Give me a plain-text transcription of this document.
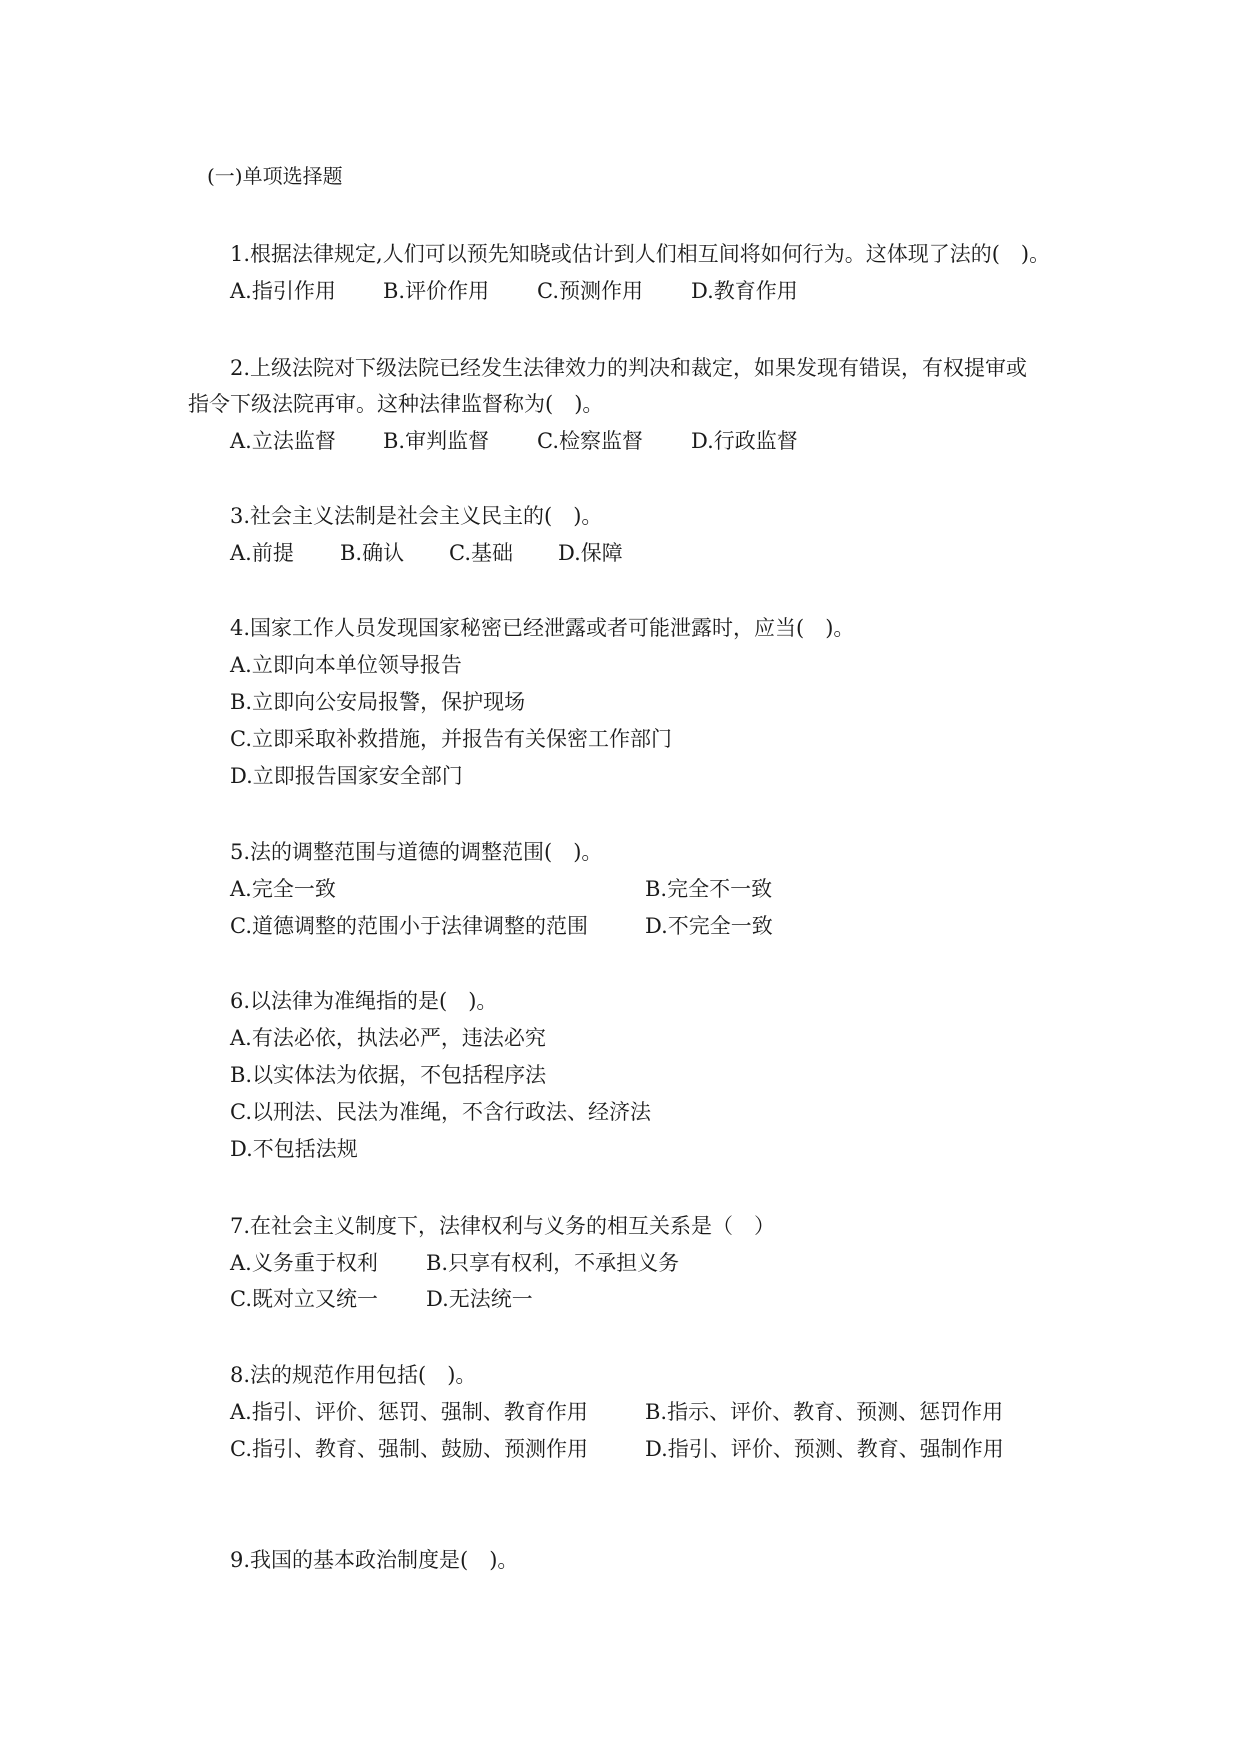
(一)单项选择题
1.根据法律规定,人们可以预先知晓或估计到人们相互间将如何行为。这体现了法的(　)。
A.指引作用 B.评价作用 C.预测作用 D.教育作用
2.上级法院对下级法院已经发生法律效力的判决和裁定，如果发现有错误，有权提审或
指令下级法院再审。这种法律监督称为(　)。
A.立法监督 B.审判监督 C.检察监督 D.行政监督
3.社会主义法制是社会主义民主的(　)。
A.前提 B.确认 C.基础 D.保障
4.国家工作人员发现国家秘密已经泄露或者可能泄露时，应当(　)。
A.立即向本单位领导报告
B.立即向公安局报警，保护现场
C.立即采取补救措施，并报告有关保密工作部门
D.立即报告国家安全部门
5.法的调整范围与道德的调整范围(　)。
A.完全一致	B.完全不一致
C.道德调整的范围小于法律调整的范围	D.不完全一致
6.以法律为准绳指的是(　)。
A.有法必依，执法必严，违法必究
B.以实体法为依据，不包括程序法
C.以刑法、民法为准绳，不含行政法、经济法
D.不包括法规
7.在社会主义制度下，法律权利与义务的相互关系是（　）
A.义务重于权利 B.只享有权利，不承担义务
C.既对立又统一 D.无法统一
8.法的规范作用包括(　)。
A.指引、评价、惩罚、强制、教育作用	B.指示、评价、教育、预测、惩罚作用
C.指引、教育、强制、鼓励、预测作用	D.指引、评价、预测、教育、强制作用
9.我国的基本政治制度是(　)。
